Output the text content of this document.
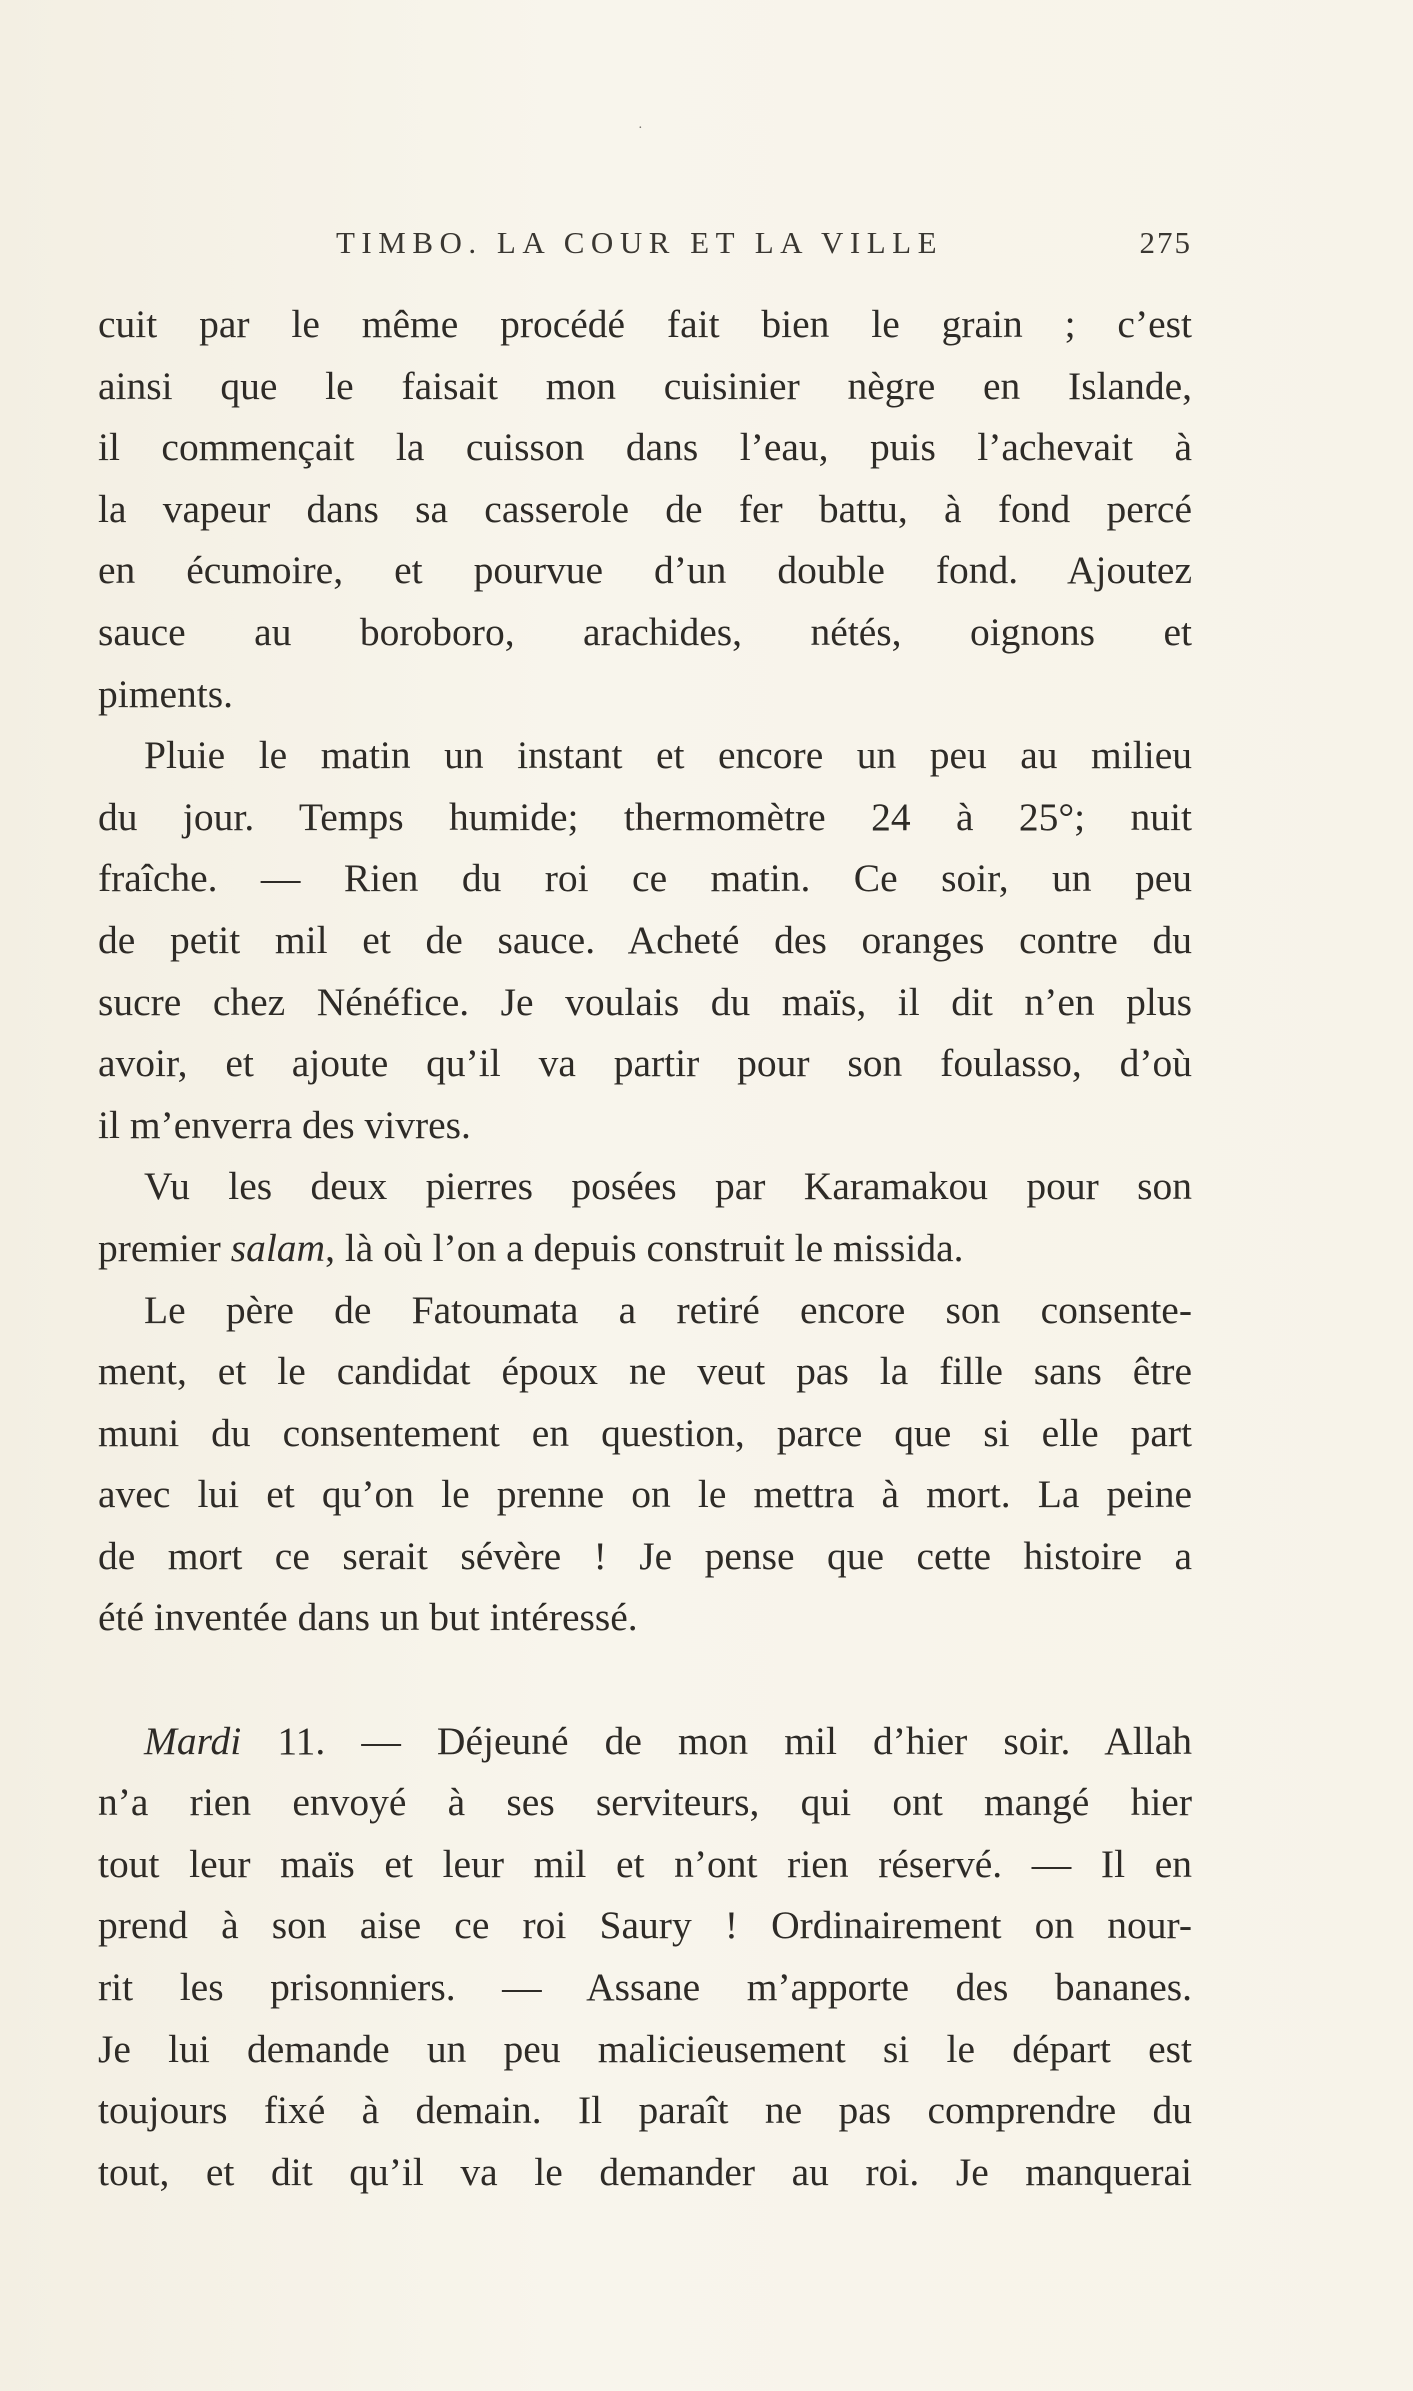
·
TIMBO. LA COUR ET LA VILLE	275
cuit par le même procédé fait bien le grain ; c’est
ainsi que le faisait mon cuisinier nègre en Islande,
il commençait la cuisson dans l’eau, puis l’achevait à
la vapeur dans sa casserole de fer battu, à fond percé
en écumoire, et pourvue d’un double fond. Ajoutez
sauce au boroboro, arachides, nétés, oignons et
piments.
Pluie le matin un instant et encore un peu au milieu
du jour. Temps humide; thermomètre 24 à 25°; nuit
fraîche. — Rien du roi ce matin. Ce soir, un peu
de petit mil et de sauce. Acheté des oranges contre du
sucre chez Nénéfice. Je voulais du maïs, il dit n’en plus
avoir, et ajoute qu’il va partir pour son foulasso, d’où
il m’enverra des vivres.
Vu les deux pierres posées par Karamakou pour son
premier salam, là où l’on a depuis construit le missida.
Le père de Fatoumata a retiré encore son consente-
ment, et le candidat époux ne veut pas la fille sans être
muni du consentement en question, parce que si elle part
avec lui et qu’on le prenne on le mettra à mort. La peine
de mort ce serait sévère ! Je pense que cette histoire a
été inventée dans un but intéressé.
Mardi 11. — Déjeuné de mon mil d’hier soir. Allah
n’a rien envoyé à ses serviteurs, qui ont mangé hier
tout leur maïs et leur mil et n’ont rien réservé. — Il en
prend à son aise ce roi Saury ! Ordinairement on nour-
rit les prisonniers. — Assane m’apporte des bananes.
Je lui demande un peu malicieusement si le départ est
toujours fixé à demain. Il paraît ne pas comprendre du
tout, et dit qu’il va le demander au roi. Je manquerai
